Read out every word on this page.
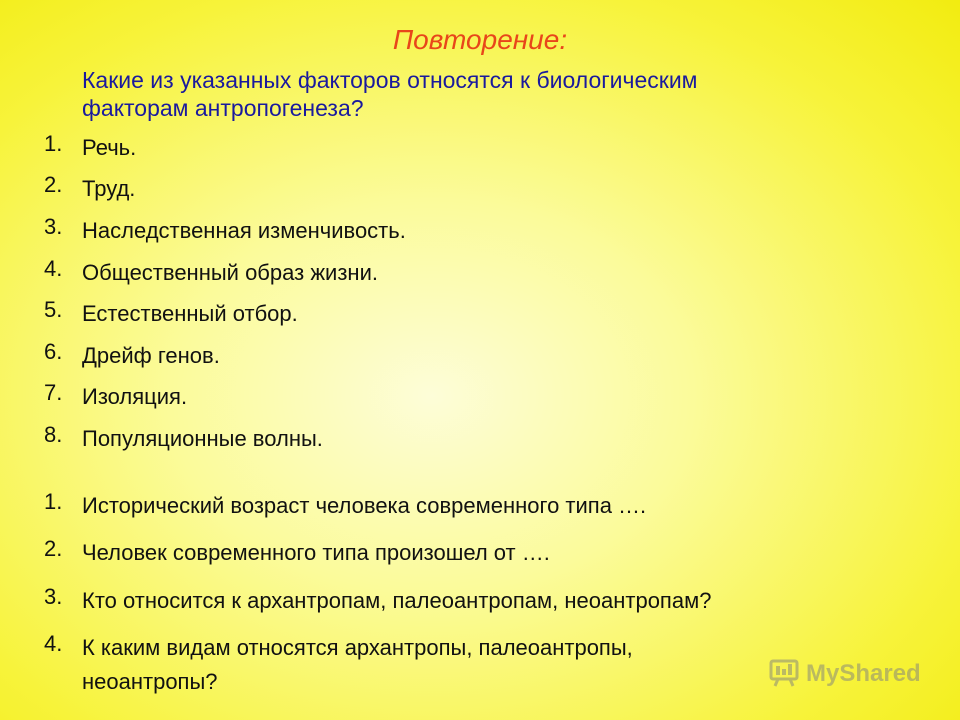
Повторение:
Какие из указанных факторов относятся к биологическим
факторам антропогенеза?
1. Речь.
2. Труд.
3. Наследственная изменчивость.
4. Общественный образ жизни.
5. Естественный отбор.
6. Дрейф генов.
7. Изоляция.
8. Популяционные волны.
1. Исторический возраст человека современного типа ….
2. Человек современного типа произошел от ….
3. Кто относится к архантропам, палеоантропам, неоантропам?
4. К каким видам относятся архантропы, палеоантропы,
неоантропы?	MyShared
